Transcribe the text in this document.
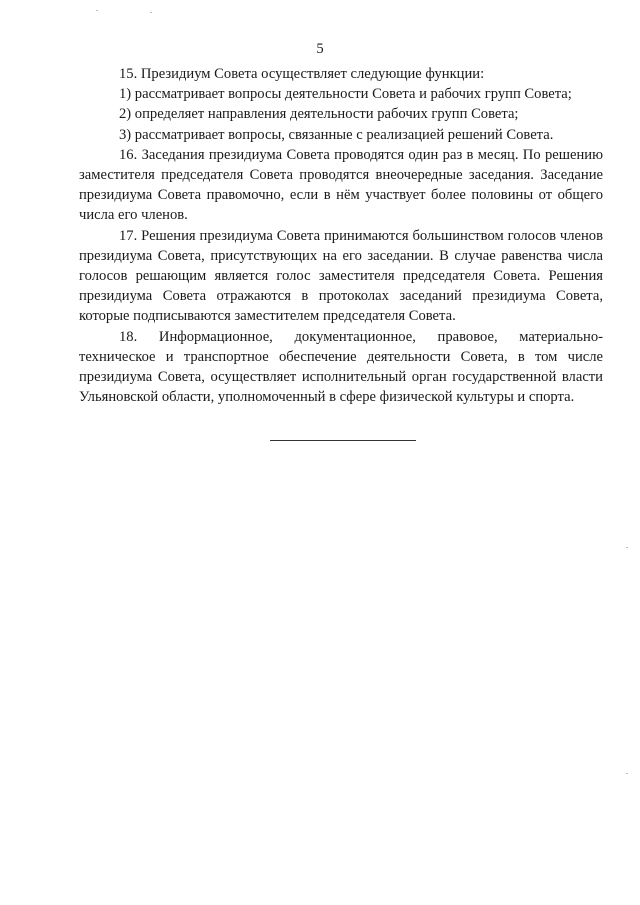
5

15. Президиум Совета осуществляет следующие функции:

1) рассматривает вопросы деятельности Совета и рабочих групп Совета;

2) определяет направления деятельности рабочих групп Совета;

3) рассматривает вопросы, связанные с реализацией решений Совета.

16. Заседания президиума Совета проводятся один раз в месяц. По решению заместителя председателя Совета проводятся внеочередные заседания. Заседание президиума Совета правомочно, если в нём участвует более половины от общего числа его членов.

17. Решения президиума Совета принимаются большинством голосов членов президиума Совета, присутствующих на его заседании. В случае равенства числа голосов решающим является голос заместителя председателя Совета. Решения президиума Совета отражаются в протоколах заседаний президиума Совета, которые подписываются заместителем председателя Совета.

18. Информационное, документационное, правовое, материально-техническое и транспортное обеспечение деятельности Совета, в том числе президиума Совета, осуществляет исполнительный орган государственной власти Ульяновской области, уполномоченный в сфере физической культуры и спорта.
